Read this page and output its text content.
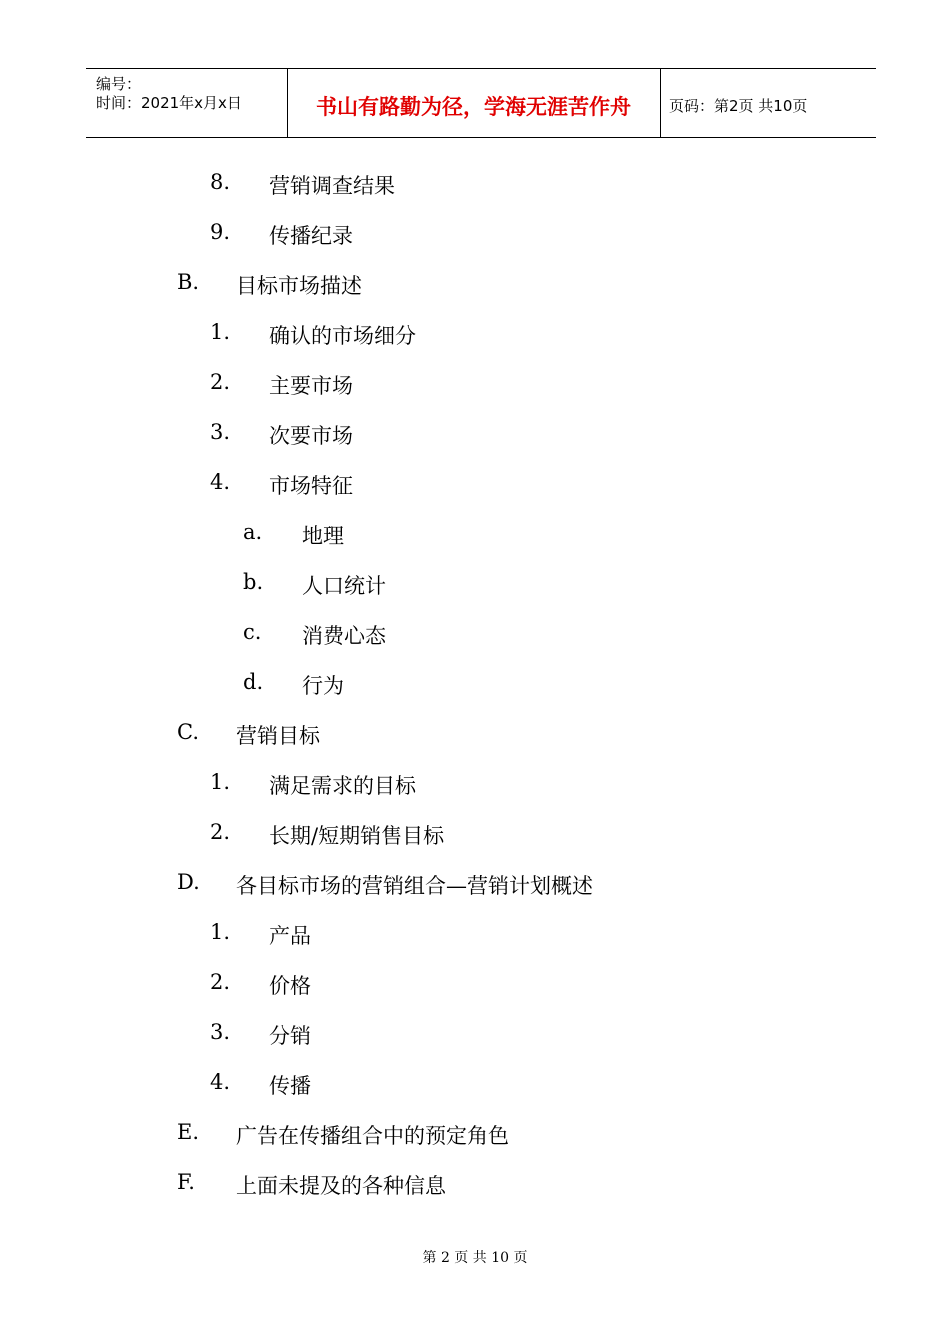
编号：
时间：2021年x月x日	书山有路勤为径，学海无涯苦作舟	页码：第2页 共10页
8. 营销调查结果
9. 传播纪录
B. 目标市场描述
1. 确认的市场细分
2. 主要市场
3. 次要市场
4. 市场特征
a. 地理
b. 人口统计
c. 消费心态
d. 行为
C. 营销目标
1. 满足需求的目标
2. 长期/短期销售目标
D. 各目标市场的营销组合—营销计划概述
1. 产品
2. 价格
3. 分销
4. 传播
E. 广告在传播组合中的预定角色
F. 上面未提及的各种信息
第 2 页 共 10 页
